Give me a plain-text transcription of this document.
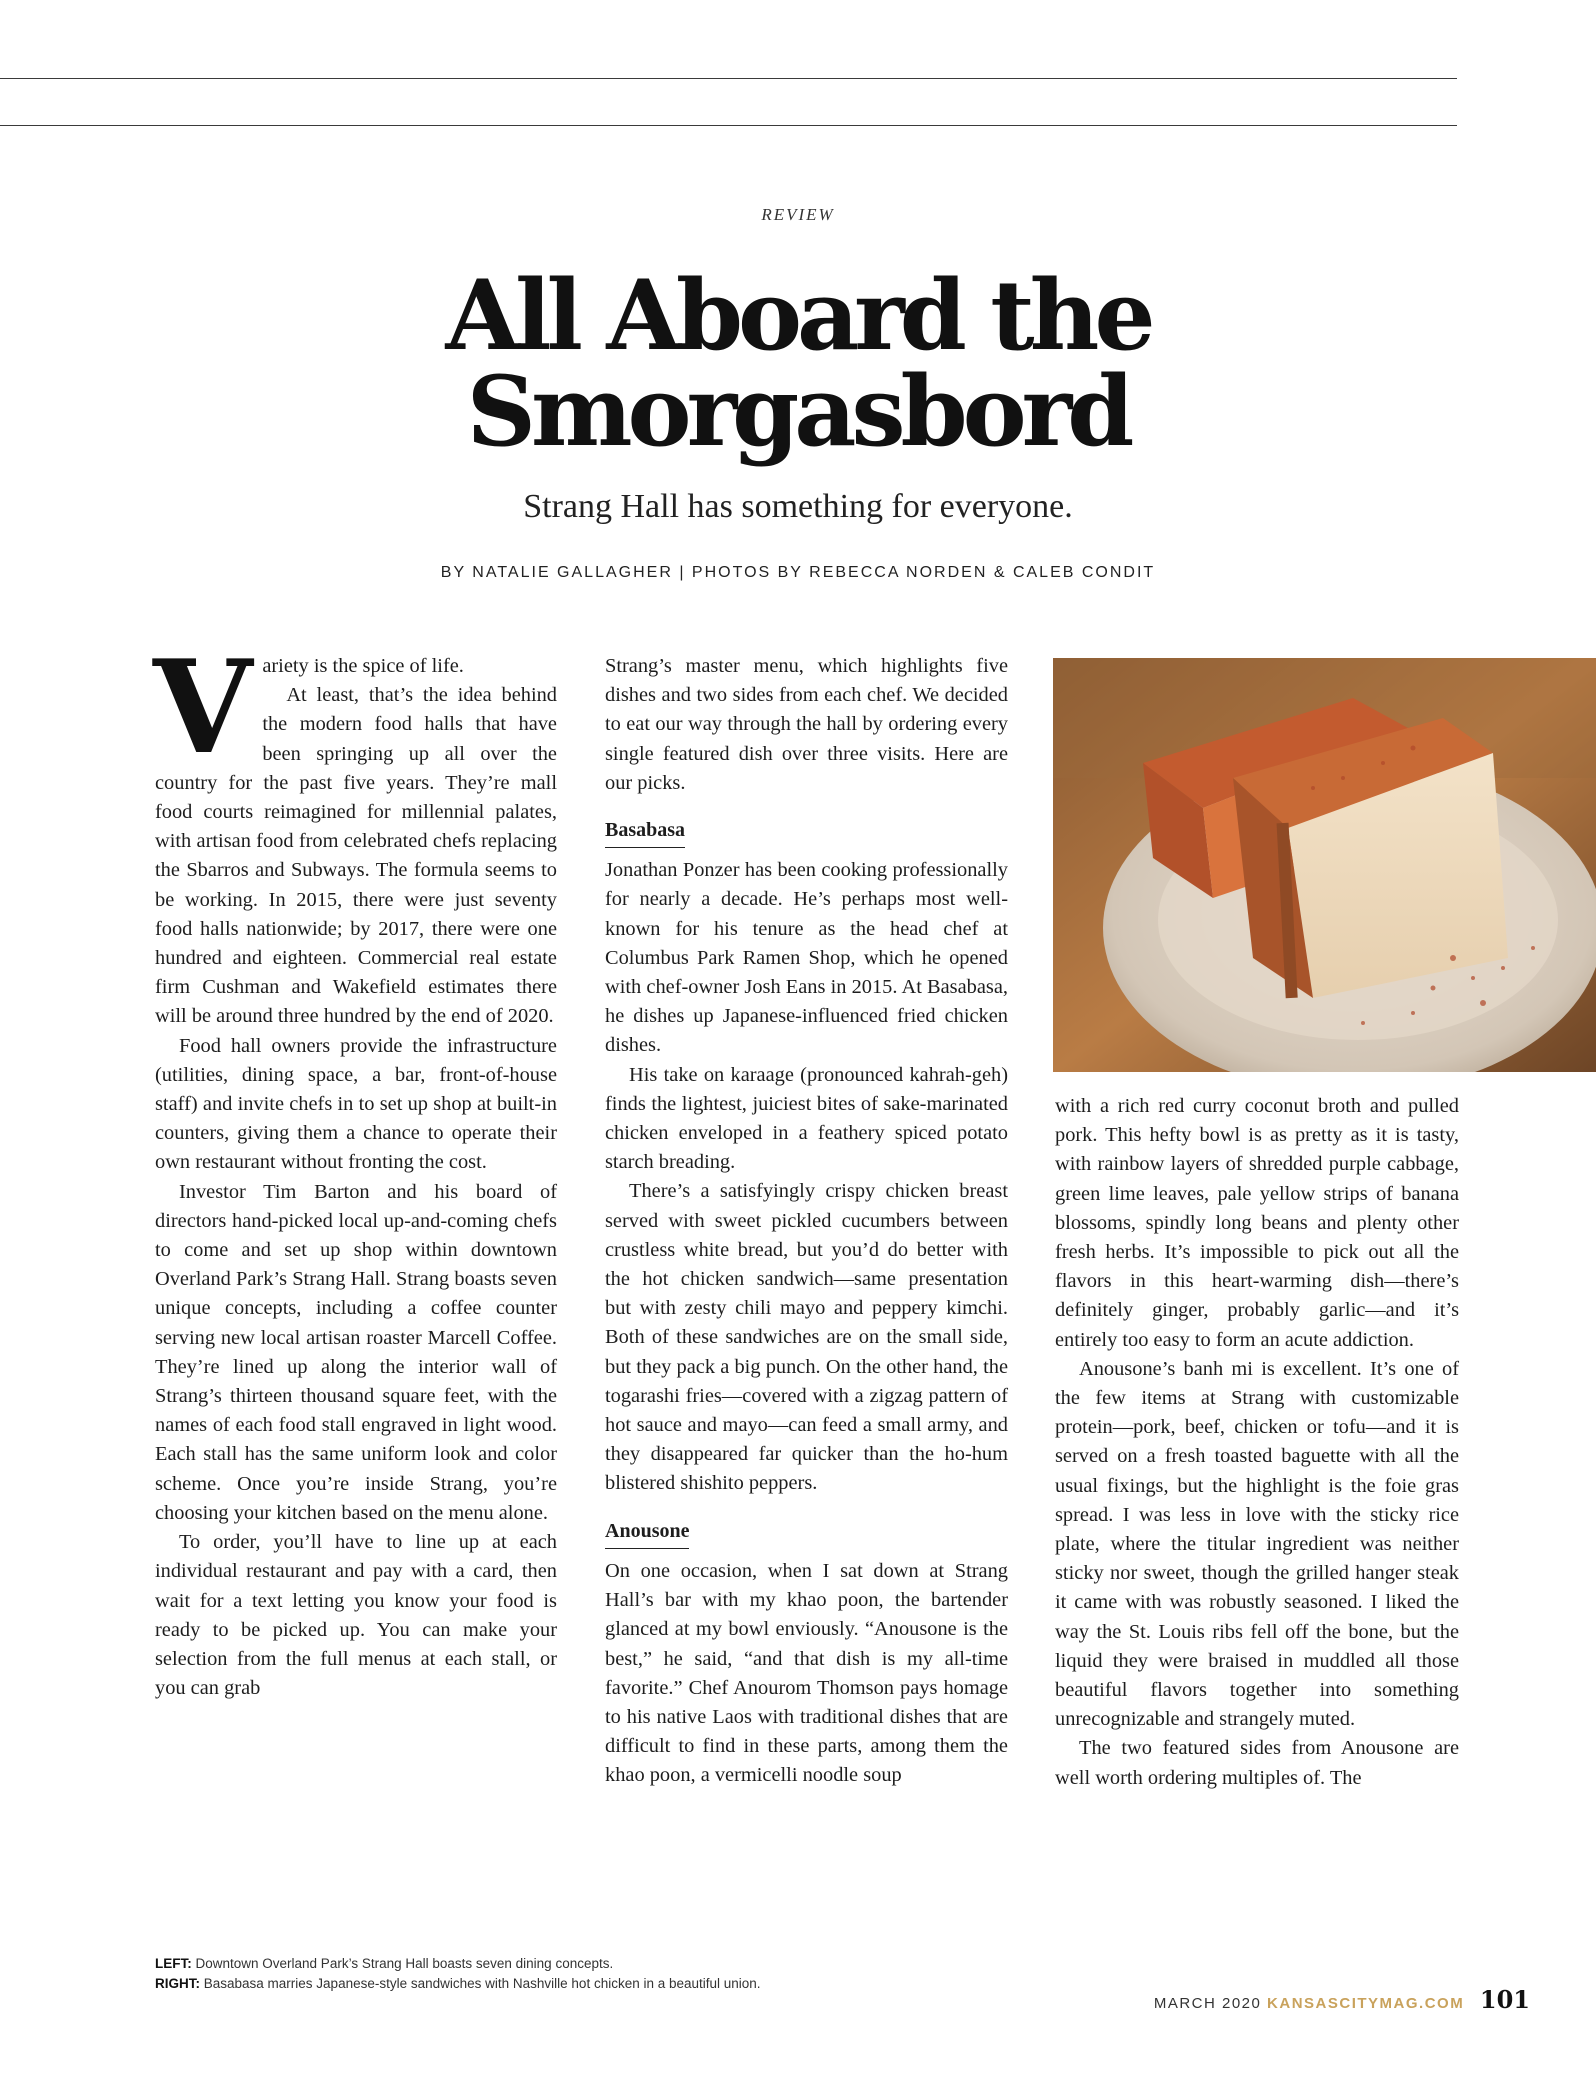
REVIEW
All Aboard the
Smorgasbord
Strang Hall has something for everyone.
BY NATALIE GALLAGHER | PHOTOS BY REBECCA NORDEN & CALEB CONDIT
V ariety is the spice of life.

At least, that’s the idea behind the modern food halls that have been springing up all over the country for the past five years. They’re mall food courts reimagined for millennial palates, with artisan food from celebrated chefs replacing the Sbarros and Subways. The formula seems to be working. In 2015, there were just seventy food halls nationwide; by 2017, there were one hundred and eighteen. Commercial real estate firm Cushman and Wakefield estimates there will be around three hundred by the end of 2020.

Food hall owners provide the infrastructure (utilities, dining space, a bar, front-of-house staff) and invite chefs in to set up shop at built-in counters, giving them a chance to operate their own restaurant without fronting the cost.

Investor Tim Barton and his board of directors hand-picked local up-and-coming chefs to come and set up shop within downtown Overland Park’s Strang Hall. Strang boasts seven unique concepts, including a coffee counter serving new local artisan roaster Marcell Coffee. They’re lined up along the interior wall of Strang’s thirteen thousand square feet, with the names of each food stall engraved in light wood. Each stall has the same uniform look and color scheme. Once you’re inside Strang, you’re choosing your kitchen based on the menu alone.

To order, you’ll have to line up at each individual restaurant and pay with a card, then wait for a text letting you know your food is ready to be picked up. You can make your selection from the full menus at each stall, or you can grab

Strang’s master menu, which highlights five dishes and two sides from each chef. We decided to eat our way through the hall by ordering every single featured dish over three visits. Here are our picks.

Basabasa

Jonathan Ponzer has been cooking professionally for nearly a decade. He’s perhaps most well-known for his tenure as the head chef at Columbus Park Ramen Shop, which he opened with chef-owner Josh Eans in 2015. At Basabasa, he dishes up Japanese-influenced fried chicken dishes.

His take on karaage (pronounced kahrah-geh) finds the lightest, juiciest bites of sake-marinated chicken enveloped in a feathery spiced potato starch breading.

There’s a satisfyingly crispy chicken breast served with sweet pickled cucumbers between crustless white bread, but you’d do better with the hot chicken sandwich—same presentation but with zesty chili mayo and peppery kimchi. Both of these sandwiches are on the small side, but they pack a big punch. On the other hand, the togarashi fries—covered with a zigzag pattern of hot sauce and mayo—can feed a small army, and they disappeared far quicker than the ho-hum blistered shishito peppers.

Anousone

On one occasion, when I sat down at Strang Hall’s bar with my khao poon, the bartender glanced at my bowl enviously. “Anousone is the best,” he said, “and that dish is my all-time favorite.” Chef Anourom Thomson pays homage to his native Laos with traditional dishes that are difficult to find in these parts, among them the khao poon, a vermicelli noodle soup

with a rich red curry coconut broth and pulled pork. This hefty bowl is as pretty as it is tasty, with rainbow layers of shredded purple cabbage, green lime leaves, pale yellow strips of banana blossoms, spindly long beans and plenty other fresh herbs. It’s impossible to pick out all the flavors in this heart-warming dish—there’s definitely ginger, probably garlic—and it’s entirely too easy to form an acute addiction.

Anousone’s banh mi is excellent. It’s one of the few items at Strang with customizable protein—pork, beef, chicken or tofu—and it is served on a fresh toasted baguette with all the usual fixings, but the highlight is the foie gras spread. I was less in love with the sticky rice plate, where the titular ingredient was neither sticky nor sweet, though the grilled hanger steak it came with was robustly seasoned. I liked the way the St. Louis ribs fell off the bone, but the liquid they were braised in muddled all those beautiful flavors together into something unrecognizable and strangely muted.

The two featured sides from Anousone are well worth ordering multiples of. The

LEFT: Downtown Overland Park’s Strang Hall boasts seven dining concepts.
RIGHT: Basabasa marries Japanese-style sandwiches with Nashville hot chicken in a beautiful union.
MARCH 2020 KANSASCITYMAG.COM 101
